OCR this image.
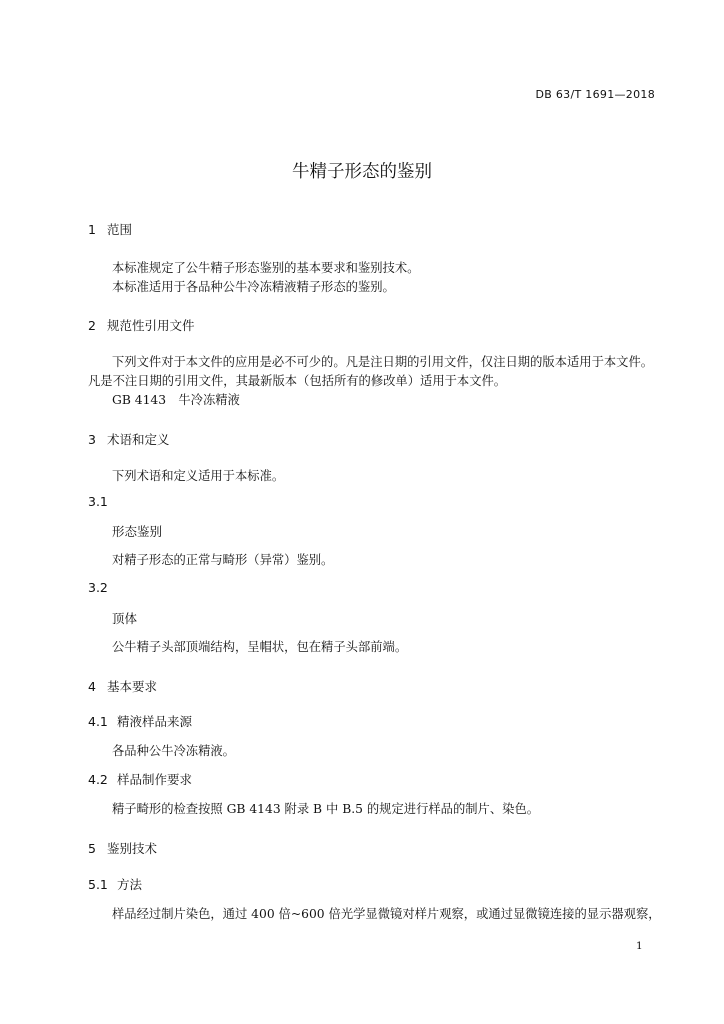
DB 63/T 1691—2018
牛精子形态的鉴别
1 范围
本标准规定了公牛精子形态鉴别的基本要求和鉴别技术。
本标准适用于各品种公牛冷冻精液精子形态的鉴别。
2 规范性引用文件
下列文件对于本文件的应用是必不可少的。凡是注日期的引用文件，仅注日期的版本适用于本文件。
凡是不注日期的引用文件，其最新版本（包括所有的修改单）适用于本文件。
GB 4143　牛冷冻精液
3 术语和定义
下列术语和定义适用于本标准。
3.1
形态鉴别
对精子形态的正常与畸形（异常）鉴别。
3.2
顶体
公牛精子头部顶端结构，呈帽状，包在精子头部前端。
4 基本要求
4.1 精液样品来源
各品种公牛冷冻精液。
4.2 样品制作要求
精子畸形的检查按照 GB 4143 附录 B 中 B.5 的规定进行样品的制片、染色。
5 鉴别技术
5.1 方法
样品经过制片染色，通过 400 倍~600 倍光学显微镜对样片观察，或通过显微镜连接的显示器观察，
1
